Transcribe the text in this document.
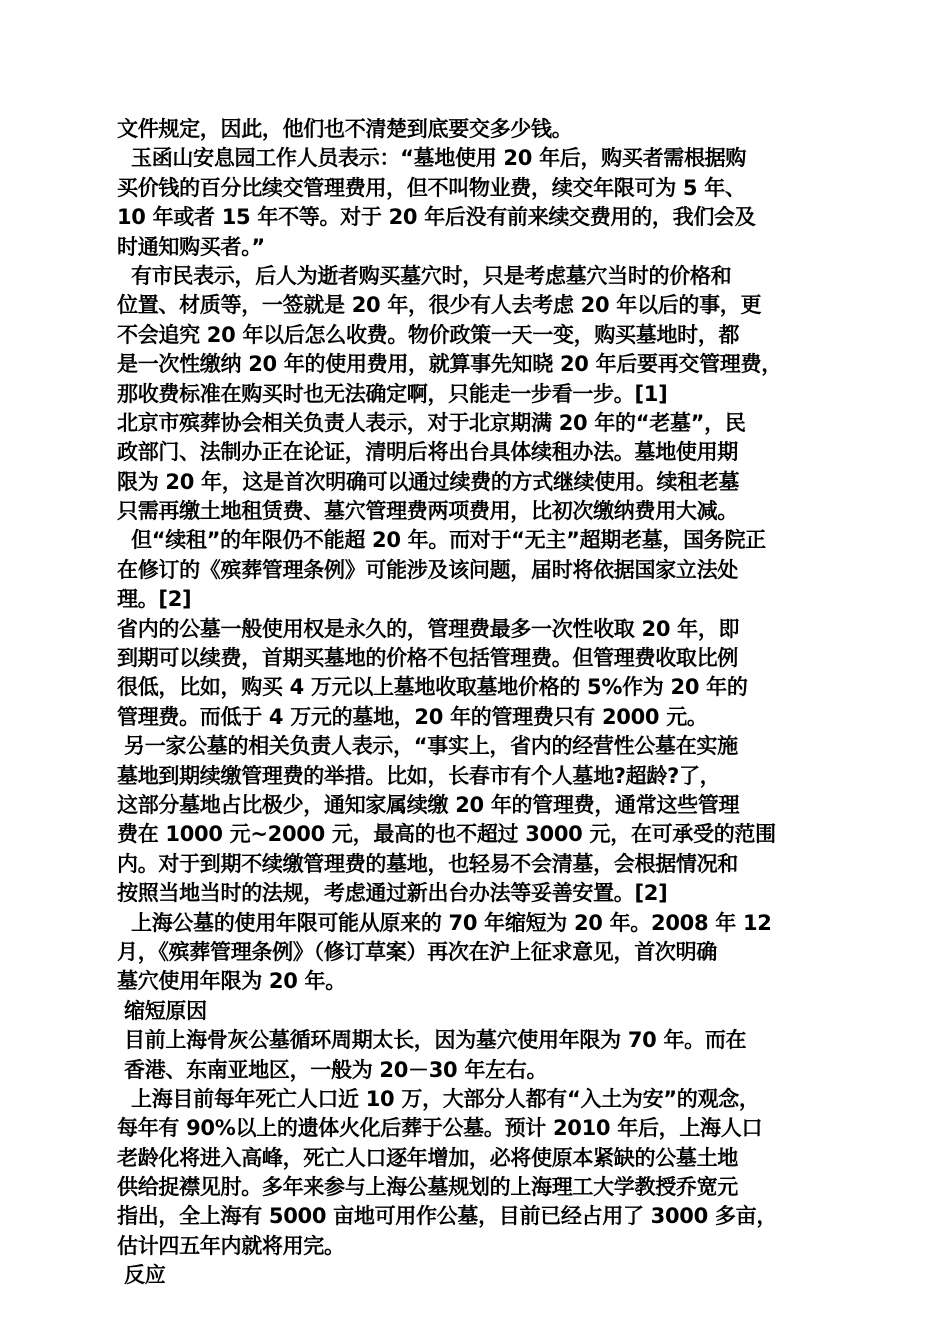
文件规定，因此，他们也不清楚到底要交多少钱。
玉函山安息园工作人员表示：“墓地使用 20 年后，购买者需根据购
买价钱的百分比续交管理费用，但不叫物业费，续交年限可为 5 年、
10 年或者 15 年不等。对于 20 年后没有前来续交费用的，我们会及
时通知购买者。”
有市民表示，后人为逝者购买墓穴时，只是考虑墓穴当时的价格和
位置、材质等，一签就是 20 年，很少有人去考虑 20 年以后的事，更
不会追究 20 年以后怎么收费。物价政策一天一变，购买墓地时，都
是一次性缴纳 20 年的使用费用，就算事先知晓 20 年后要再交管理费，
那收费标准在购买时也无法确定啊，只能走一步看一步。[1]
北京市殡葬协会相关负责人表示，对于北京期满 20 年的“老墓”，民
政部门、法制办正在论证，清明后将出台具体续租办法。墓地使用期
限为 20 年，这是首次明确可以通过续费的方式继续使用。续租老墓
只需再缴土地租赁费、墓穴管理费两项费用，比初次缴纳费用大减。
但“续租”的年限仍不能超 20 年。而对于“无主”超期老墓，国务院正
在修订的《殡葬管理条例》可能涉及该问题，届时将依据国家立法处
理。[2]
省内的公墓一般使用权是永久的，管理费最多一次性收取 20 年，即
到期可以续费，首期买墓地的价格不包括管理费。但管理费收取比例
很低，比如，购买 4 万元以上墓地收取墓地价格的 5%作为 20 年的
管理费。而低于 4 万元的墓地，20 年的管理费只有 2000 元。
另一家公墓的相关负责人表示，“事实上，省内的经营性公墓在实施
墓地到期续缴管理费的举措。比如，长春市有个人墓地?超龄?了，
这部分墓地占比极少，通知家属续缴 20 年的管理费，通常这些管理
费在 1000 元~2000 元，最高的也不超过 3000 元，在可承受的范围
内。对于到期不续缴管理费的墓地，也轻易不会清墓，会根据情况和
按照当地当时的法规，考虑通过新出台办法等妥善安置。[2]
上海公墓的使用年限可能从原来的 70 年缩短为 20 年。2008 年 12
月，《殡葬管理条例》（修订草案）再次在沪上征求意见，首次明确
墓穴使用年限为 20 年。
缩短原因
目前上海骨灰公墓循环周期太长，因为墓穴使用年限为 70 年。而在
香港、东南亚地区，一般为 20－30 年左右。
上海目前每年死亡人口近 10 万，大部分人都有“入土为安”的观念，
每年有 90%以上的遗体火化后葬于公墓。预计 2010 年后，上海人口
老龄化将进入高峰，死亡人口逐年增加，必将使原本紧缺的公墓土地
供给捉襟见肘。多年来参与上海公墓规划的上海理工大学教授乔宽元
指出，全上海有 5000 亩地可用作公墓，目前已经占用了 3000 多亩，
估计四五年内就将用完。
反应
